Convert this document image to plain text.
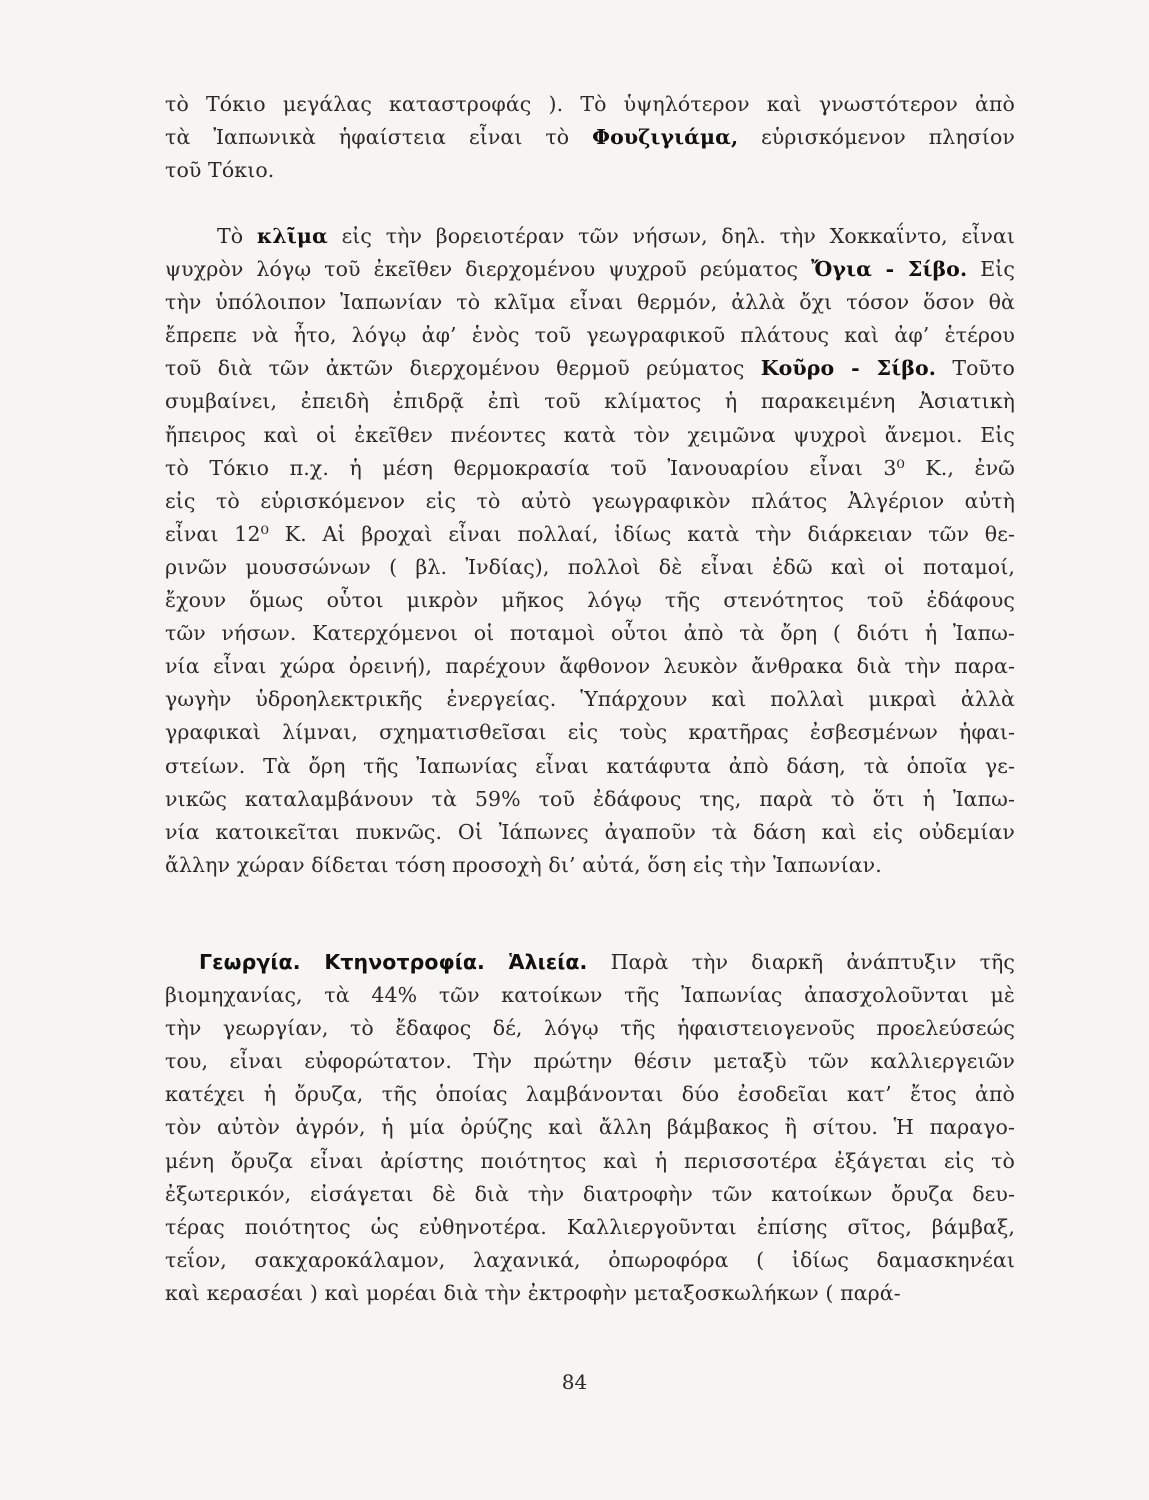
τὸ Τόκιο μεγάλας καταστροφάς ). Τὸ ὑψηλότερον καὶ γνωστότερον ἀπὸ
τὰ Ἰαπωνικὰ ἡφαίστεια εἶναι τὸ Φουζιγιάμα, εὑρισκόμενον πλησίον
τοῦ Τόκιο.
Τὸ κλῖμα εἰς τὴν βορειοτέραν τῶν νήσων, δηλ. τὴν Χοκκαΐντο, εἶναι
ψυχρὸν λόγῳ τοῦ ἐκεῖθεν διερχομένου ψυχροῦ ρεύματος Ὄγια - Σίβο. Εἰς
τὴν ὑπόλοιπον Ἰαπωνίαν τὸ κλῖμα εἶναι θερμόν, ἀλλὰ ὄχι τόσον ὅσον θὰ
ἔπρεπε νὰ ἦτο, λόγῳ ἀφ’ ἑνὸς τοῦ γεωγραφικοῦ πλάτους καὶ ἀφ’ ἑτέρου
τοῦ διὰ τῶν ἀκτῶν διερχομένου θερμοῦ ρεύματος Κοῦρο - Σίβο. Τοῦτο
συμβαίνει, ἐπειδὴ ἐπιδρᾷ ἐπὶ τοῦ κλίματος ἡ παρακειμένη Ἀσιατικὴ
ἤπειρος καὶ οἱ ἐκεῖθεν πνέοντες κατὰ τὸν χειμῶνα ψυχροὶ ἄνεμοι. Εἰς
τὸ Τόκιο π.χ. ἡ μέση θερμοκρασία τοῦ Ἰανουαρίου εἶναι 3⁰ Κ., ἐνῶ
εἰς τὸ εὑρισκόμενον εἰς τὸ αὐτὸ γεωγραφικὸν πλάτος Ἀλγέριον αὐτὴ
εἶναι 12⁰ Κ. Αἱ βροχαὶ εἶναι πολλαί, ἰδίως κατὰ τὴν διάρκειαν τῶν θε-
ρινῶν μουσσώνων ( βλ. Ἰνδίας), πολλοὶ δὲ εἶναι ἐδῶ καὶ οἱ ποταμοί,
ἔχουν ὅμως οὗτοι μικρὸν μῆκος λόγῳ τῆς στενότητος τοῦ ἐδάφους
τῶν νήσων. Κατερχόμενοι οἱ ποταμοὶ οὗτοι ἀπὸ τὰ ὄρη ( διότι ἡ Ἰαπω-
νία εἶναι χώρα ὀρεινή), παρέχουν ἄφθονον λευκὸν ἄνθρακα διὰ τὴν παρα-
γωγὴν ὑδροηλεκτρικῆς ἐνεργείας. Ὑπάρχουν καὶ πολλαὶ μικραὶ ἀλλὰ
γραφικαὶ λίμναι, σχηματισθεῖσαι εἰς τοὺς κρατῆρας ἐσβεσμένων ἡφαι-
στείων. Τὰ ὄρη τῆς Ἰαπωνίας εἶναι κατάφυτα ἀπὸ δάση, τὰ ὁποῖα γε-
νικῶς καταλαμβάνουν τὰ 59% τοῦ ἐδάφους της, παρὰ τὸ ὅτι ἡ Ἰαπω-
νία κατοικεῖται πυκνῶς. Οἱ Ἰάπωνες ἀγαποῦν τὰ δάση καὶ εἰς οὐδεμίαν
ἄλλην χώραν δίδεται τόση προσοχὴ δι’ αὐτά, ὅση εἰς τὴν Ἰαπωνίαν.
Γεωργία. Κτηνοτροφία. Ἁλιεία. Παρὰ τὴν διαρκῆ ἀνάπτυξιν τῆς
βιομηχανίας, τὰ 44% τῶν κατοίκων τῆς Ἰαπωνίας ἀπασχολοῦνται μὲ
τὴν γεωργίαν, τὸ ἔδαφος δέ, λόγῳ τῆς ἡφαιστειογενοῦς προελεύσεώς
του, εἶναι εὐφορώτατον. Τὴν πρώτην θέσιν μεταξὺ τῶν καλλιεργειῶν
κατέχει ἡ ὄρυζα, τῆς ὁποίας λαμβάνονται δύο ἐσοδεῖαι κατ’ ἔτος ἀπὸ
τὸν αὐτὸν ἀγρόν, ἡ μία ὀρύζης καὶ ἄλλη βάμβακος ἢ σίτου. Ἡ παραγο-
μένη ὄρυζα εἶναι ἀρίστης ποιότητος καὶ ἡ περισσοτέρα ἐξάγεται εἰς τὸ
ἐξωτερικόν, εἰσάγεται δὲ διὰ τὴν διατροφὴν τῶν κατοίκων ὄρυζα δευ-
τέρας ποιότητος ὡς εὐθηνοτέρα. Καλλιεργοῦνται ἐπίσης σῖτος, βάμβαξ,
τεΐον, σακχαροκάλαμον, λαχανικά, ὀπωροφόρα ( ἰδίως δαμασκηνέαι
καὶ κερασέαι ) καὶ μορέαι διὰ τὴν ἐκτροφὴν μεταξοσκωλήκων ( παρά-
84
